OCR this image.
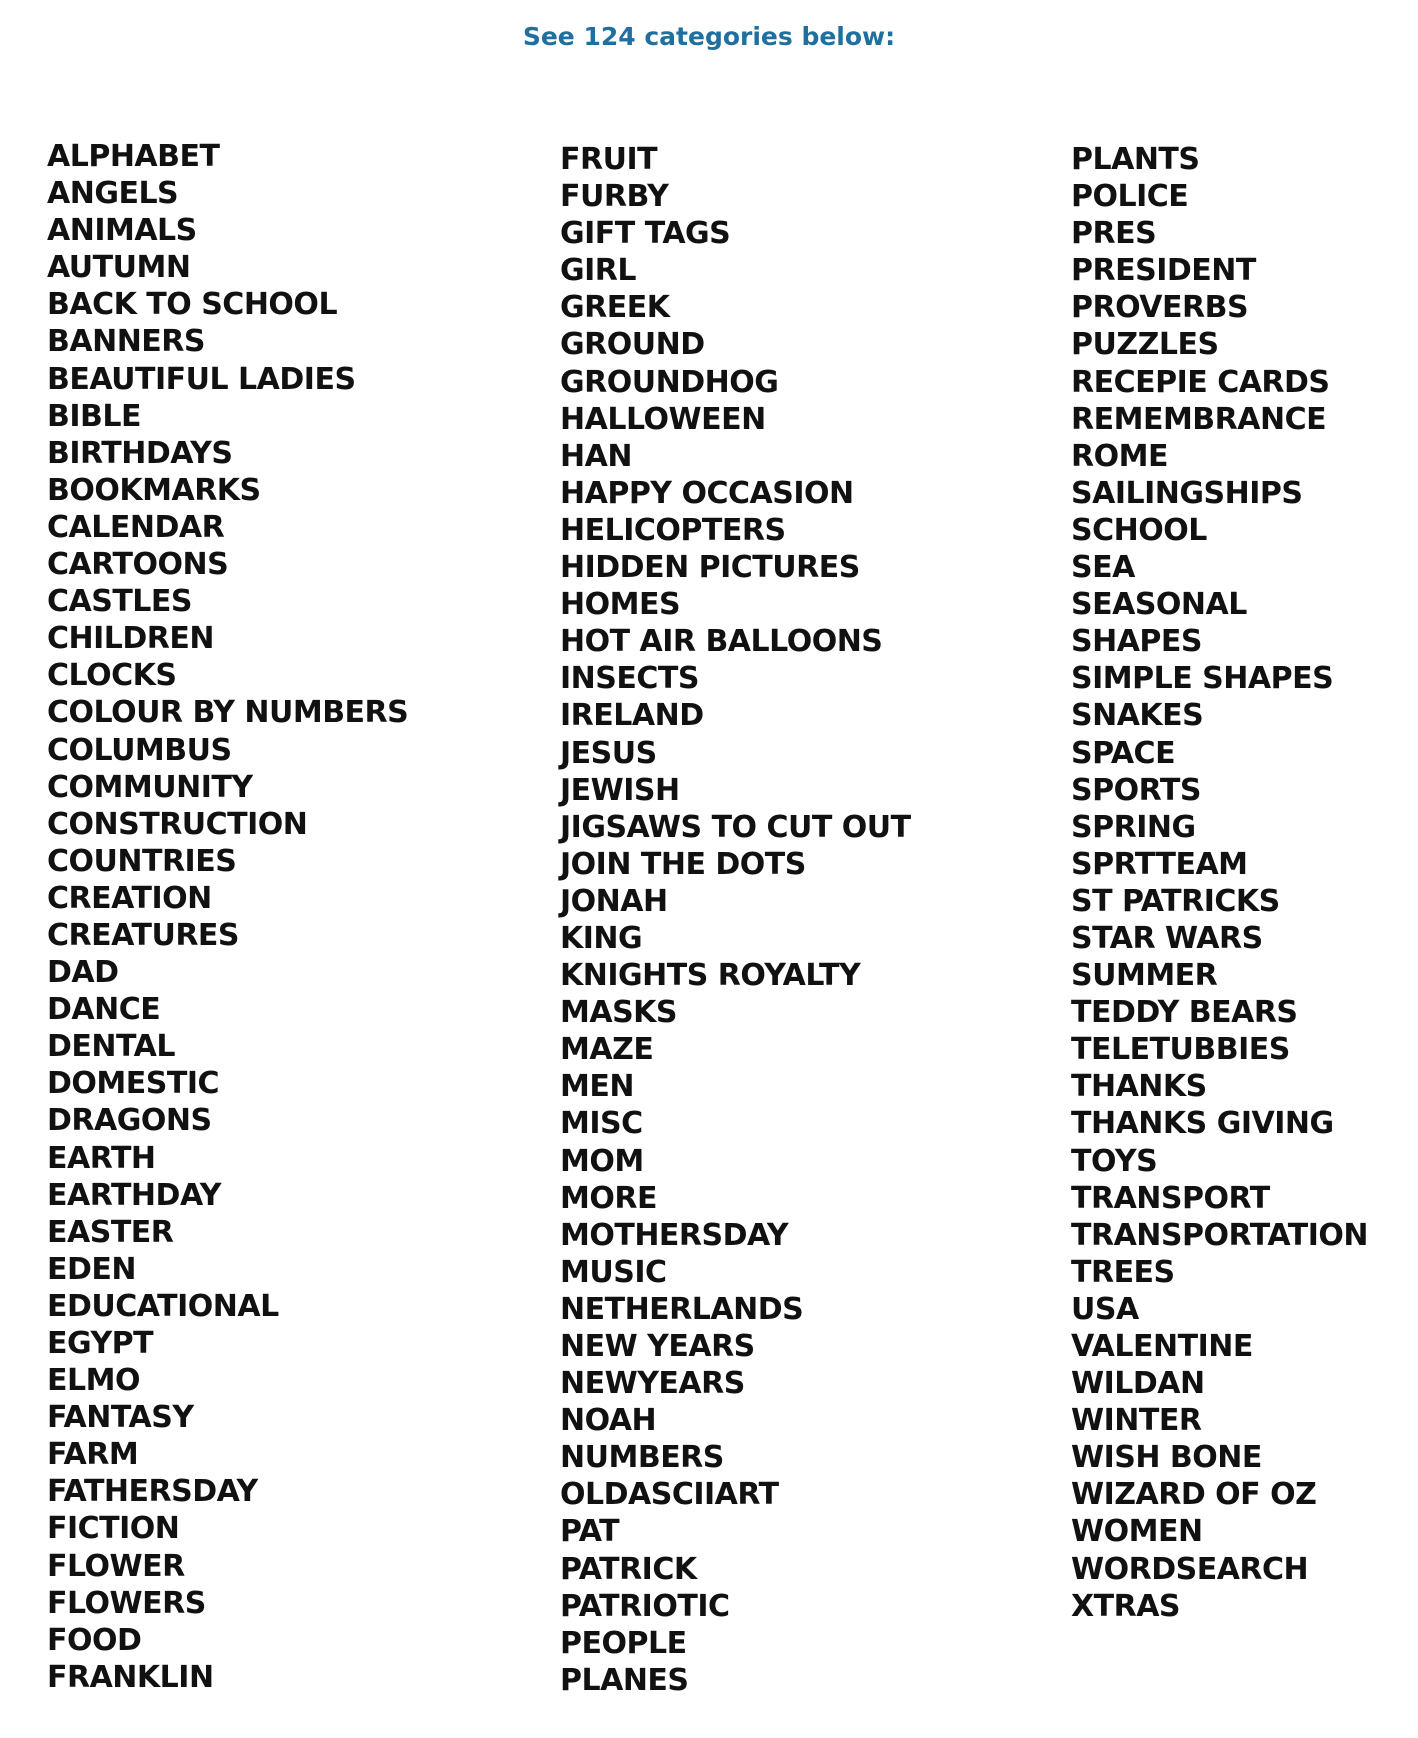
See 124 categories below:
ALPHABET
ANGELS
ANIMALS
AUTUMN
BACK TO SCHOOL
BANNERS
BEAUTIFUL LADIES
BIBLE
BIRTHDAYS
BOOKMARKS
CALENDAR
CARTOONS
CASTLES
CHILDREN
CLOCKS
COLOUR BY NUMBERS
COLUMBUS
COMMUNITY
CONSTRUCTION
COUNTRIES
CREATION
CREATURES
DAD
DANCE
DENTAL
DOMESTIC
DRAGONS
EARTH
EARTHDAY
EASTER
EDEN
EDUCATIONAL
EGYPT
ELMO
FANTASY
FARM
FATHERSDAY
FICTION
FLOWER
FLOWERS
FOOD
FRANKLIN
FRUIT
FURBY
GIFT TAGS
GIRL
GREEK
GROUND
GROUNDHOG
HALLOWEEN
HAN
HAPPY OCCASION
HELICOPTERS
HIDDEN PICTURES
HOMES
HOT AIR BALLOONS
INSECTS
IRELAND
JESUS
JEWISH
JIGSAWS TO CUT OUT
JOIN THE DOTS
JONAH
KING
KNIGHTS ROYALTY
MASKS
MAZE
MEN
MISC
MOM
MORE
MOTHERSDAY
MUSIC
NETHERLANDS
NEW YEARS
NEWYEARS
NOAH
NUMBERS
OLDASCIIART
PAT
PATRICK
PATRIOTIC
PEOPLE
PLANES
PLANTS
POLICE
PRES
PRESIDENT
PROVERBS
PUZZLES
RECEPIE CARDS
REMEMBRANCE
ROME
SAILINGSHIPS
SCHOOL
SEA
SEASONAL
SHAPES
SIMPLE SHAPES
SNAKES
SPACE
SPORTS
SPRING
SPRTTEAM
ST PATRICKS
STAR WARS
SUMMER
TEDDY BEARS
TELETUBBIES
THANKS
THANKS GIVING
TOYS
TRANSPORT
TRANSPORTATION
TREES
USA
VALENTINE
WILDAN
WINTER
WISH BONE
WIZARD OF OZ
WOMEN
WORDSEARCH
XTRAS
